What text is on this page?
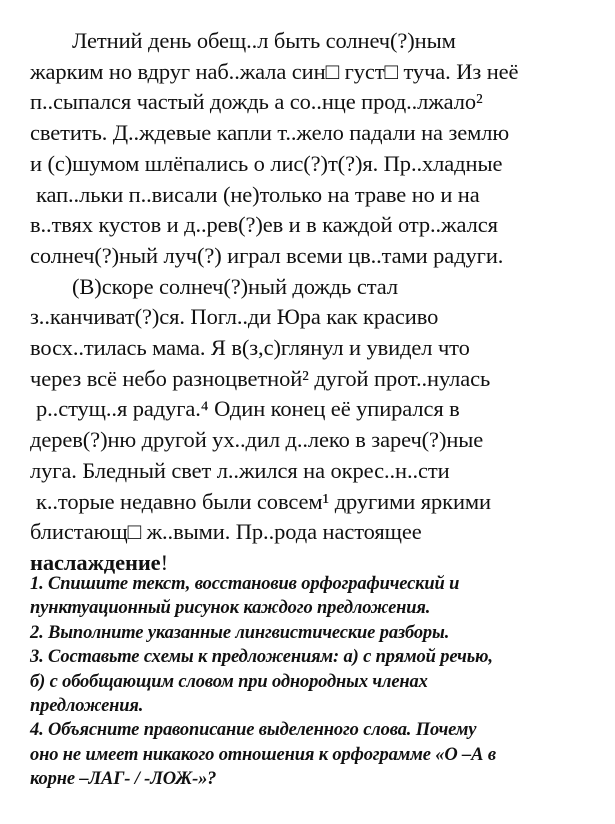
Летний день обещ..л быть солнеч(?)ным
жарким но вдруг наб..жала син□ густ□ туча. Из неё
п..сыпался частый дождь а со..нце прод..лжало²
светить. Д..ждевые капли т..жело падали на землю
и (с)шумом шлёпались о лис(?)т(?)я. Пр..хладные
кап..льки п..висали (не)только на траве но и на
в..твях кустов и д..рев(?)ев и в каждой отр..жался
солнеч(?)ный луч(?) играл всеми цв..тами радуги.
(В)скоре солнеч(?)ный дождь стал
з..канчиват(?)ся. Погл..ди Юра как красиво
восх..тилась мама. Я в(з,с)глянул и увидел что
через всё небо разноцветной² дугой прот..нулась
р..стущ..я радуга.⁴ Один конец её упирался в
дерев(?)ню другой ух..дил д..леко в зареч(?)ные
луга. Бледный свет л..жился на окрес..н..сти
к..торые недавно были совсем¹ другими яркими
блистающ□ ж..выми. Пр..рода настоящее
наслаждение!
1. Спишите текст, восстановив орфографический и
пунктуационный рисунок каждого предложения.
2. Выполните указанные лингвистические разборы.
3. Составьте схемы к предложениям: а) с прямой речью,
б) с обобщающим словом при однородных членах
предложения.
4. Объясните правописание выделенного слова. Почему
оно не имеет никакого отношения к орфограмме «О –А в
корне –ЛАГ- / -ЛОЖ-»?
